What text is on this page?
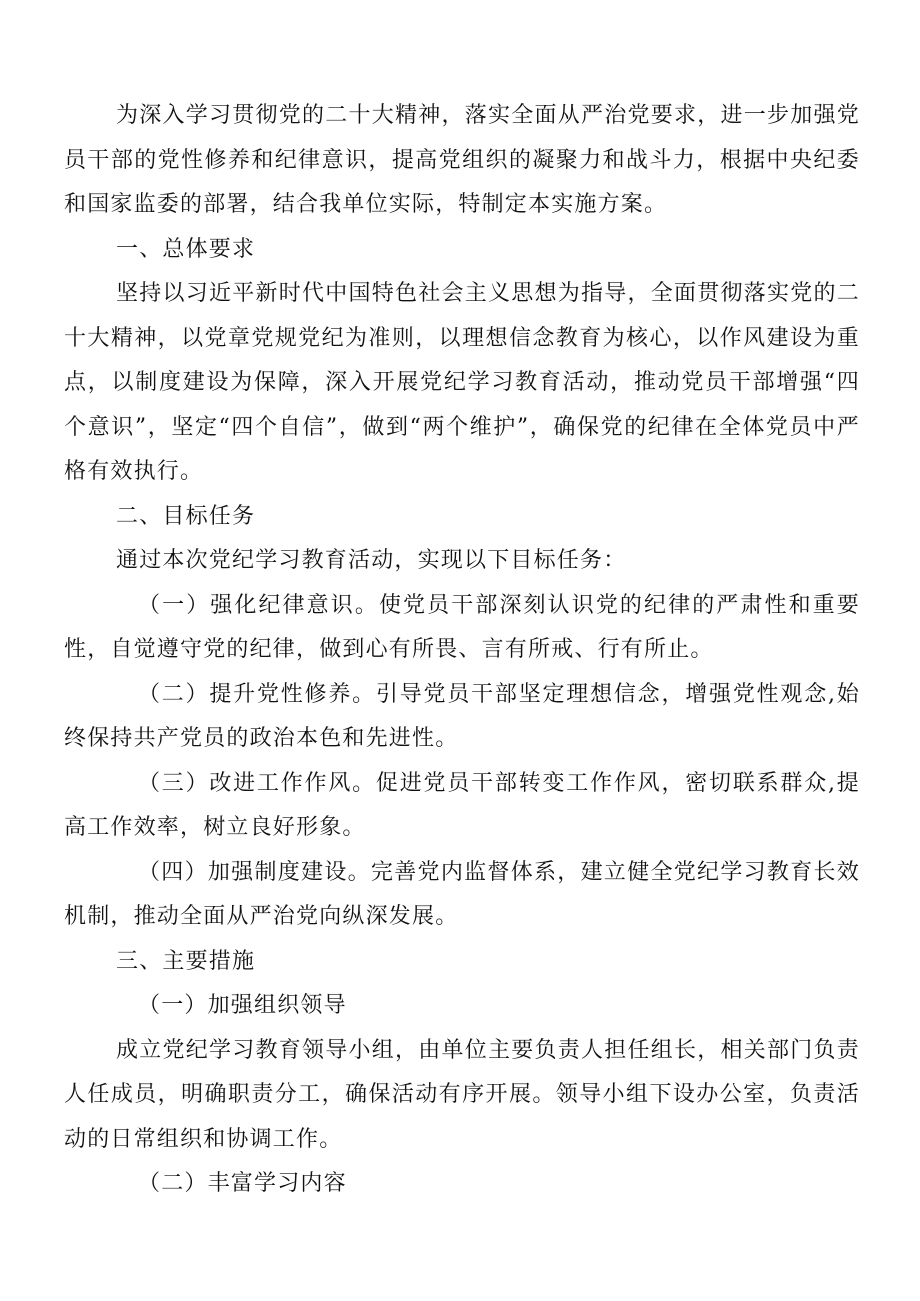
为深入学习贯彻党的二十大精神，落实全面从严治党要求，进一步加强党员干部的党性修养和纪律意识，提高党组织的凝聚力和战斗力，根据中央纪委和国家监委的部署，结合我单位实际，特制定本实施方案。

一、总体要求

坚持以习近平新时代中国特色社会主义思想为指导，全面贯彻落实党的二十大精神，以党章党规党纪为准则，以理想信念教育为核心，以作风建设为重点，以制度建设为保障，深入开展党纪学习教育活动，推动党员干部增强“四个意识”，坚定“四个自信”，做到“两个维护”，确保党的纪律在全体党员中严格有效执行。

二、目标任务

通过本次党纪学习教育活动，实现以下目标任务：

（一）强化纪律意识。使党员干部深刻认识党的纪律的严肃性和重要性，自觉遵守党的纪律，做到心有所畏、言有所戒、行有所止。

（二）提升党性修养。引导党员干部坚定理想信念，增强党性观念,始终保持共产党员的政治本色和先进性。

（三）改进工作作风。促进党员干部转变工作作风，密切联系群众,提高工作效率，树立良好形象。

（四）加强制度建设。完善党内监督体系，建立健全党纪学习教育长效机制，推动全面从严治党向纵深发展。

三、主要措施

（一）加强组织领导

成立党纪学习教育领导小组，由单位主要负责人担任组长，相关部门负责人任成员，明确职责分工，确保活动有序开展。领导小组下设办公室，负责活动的日常组织和协调工作。

（二）丰富学习内容
